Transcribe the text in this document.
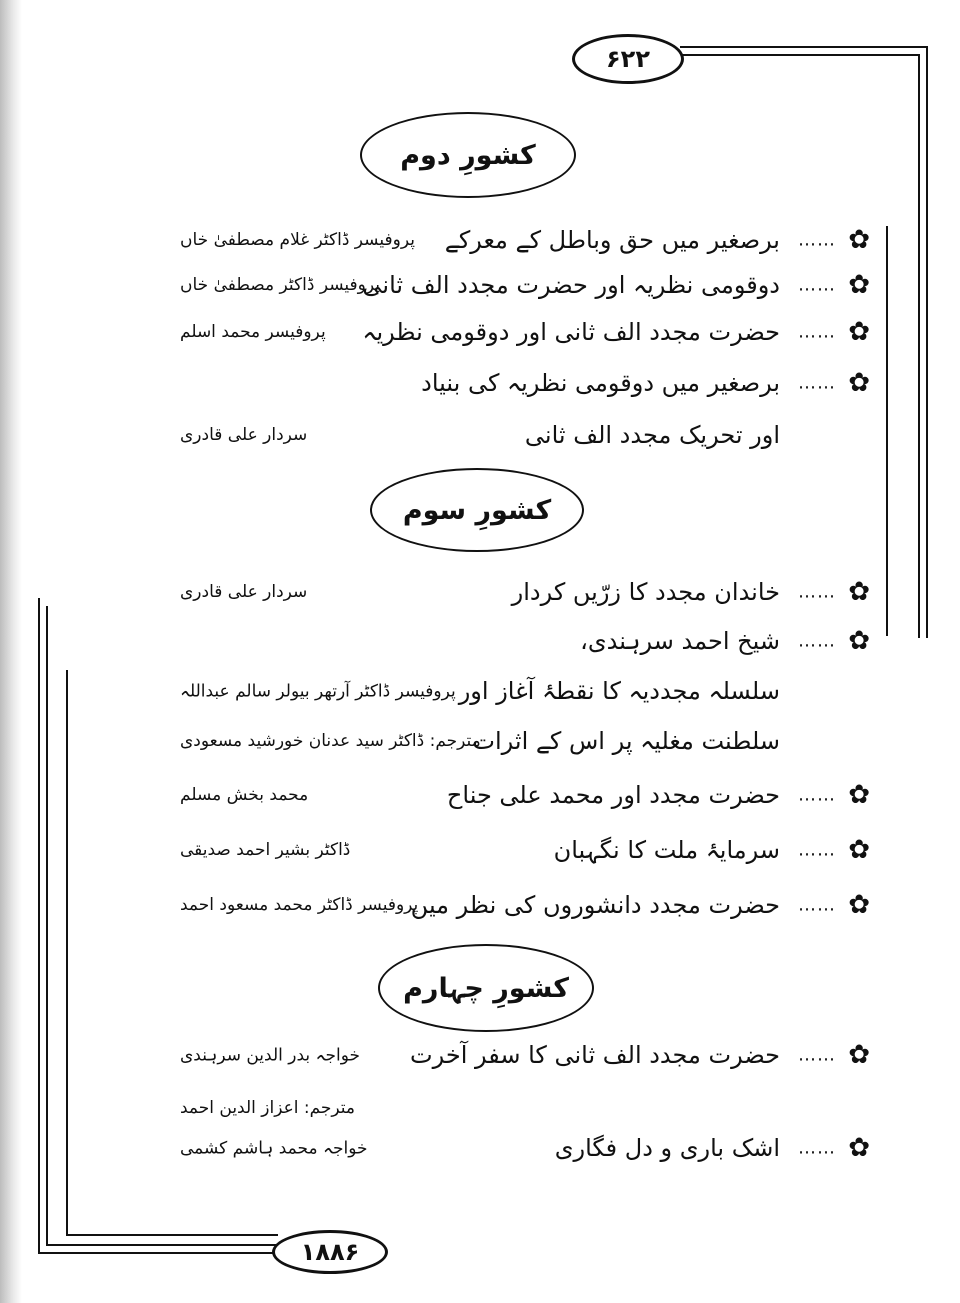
۶۲۲
۱۸۸۶
کشورِ دوم
✿
……
برصغیر میں حق وباطل کے معرکے
پروفیسر ڈاکٹر غلام مصطفیٰ خاں
✿
……
دوقومی نظریہ اور حضرت مجدد الف ثانی
پروفیسر ڈاکٹر مصطفیٰ خاں
✿
……
حضرت مجدد الف ثانی اور دوقومی نظریہ
پروفیسر محمد اسلم
✿
……
برصغیر میں دوقومی نظریہ کی بنیاد
اور تحریک مجدد الف ثانی
سردار علی قادری
کشورِ سوم
✿
……
خاندان مجدد کا زرّیں کردار
سردار علی قادری
✿
……
شیخ احمد سرہندی،
سلسلہ مجددیہ کا نقطۂ آغاز اور
پروفیسر ڈاکٹر آرتھر بیولر سالم عبداللہ
سلطنت مغلیہ پر اس کے اثرات
مترجم: ڈاکٹر سید عدنان خورشید مسعودی
✿
……
حضرت مجدد اور محمد علی جناح
محمد بخش مسلم
✿
……
سرمایۂ ملت کا نگہبان
ڈاکٹر بشیر احمد صدیقی
✿
……
حضرت مجدد دانشوروں کی نظر میں
پروفیسر ڈاکٹر محمد مسعود احمد
کشورِ چہارم
✿
……
حضرت مجدد الف ثانی کا سفر آخرت
خواجہ بدر الدین سرہندی
مترجم: اعزاز الدین احمد
✿
……
اشک باری و دل فگاری
خواجہ محمد ہاشم کشمی
